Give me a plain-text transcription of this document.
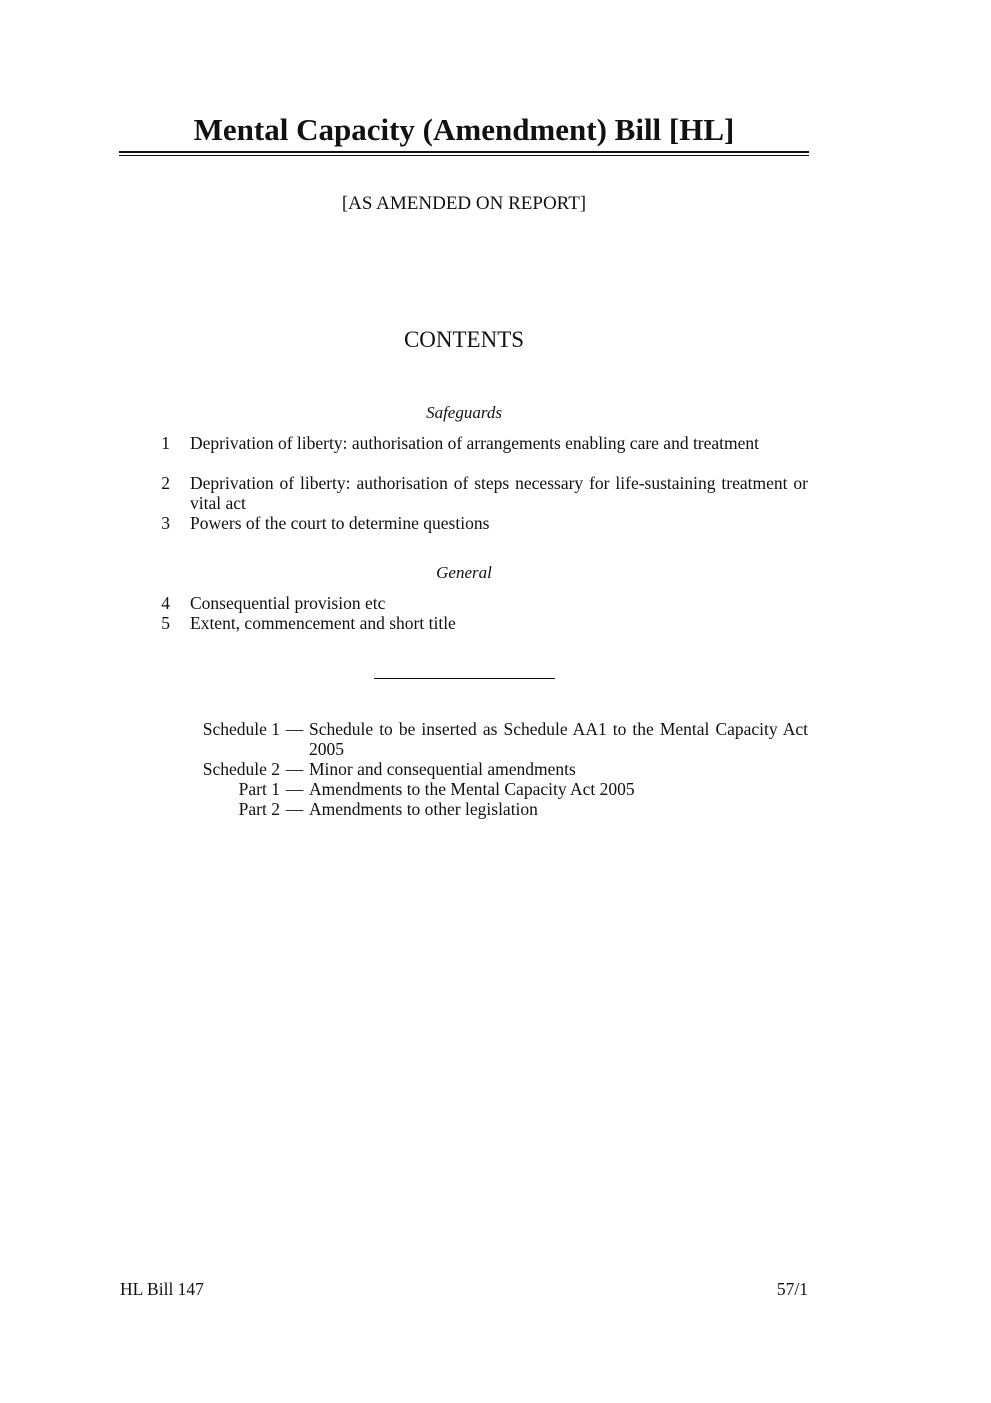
Mental Capacity (Amendment) Bill [HL]
[AS AMENDED ON REPORT]
CONTENTS
Safeguards
1	Deprivation of liberty: authorisation of arrangements enabling care and treatment
2	Deprivation of liberty: authorisation of steps necessary for life-sustaining treatment or vital act
3	Powers of the court to determine questions
General
4	Consequential provision etc
5	Extent, commencement and short title
Schedule 1 — Schedule to be inserted as Schedule AA1 to the Mental Capacity Act 2005
Schedule 2 — Minor and consequential amendments
Part 1 — Amendments to the Mental Capacity Act 2005
Part 2 — Amendments to other legislation
HL Bill 147	57/1
